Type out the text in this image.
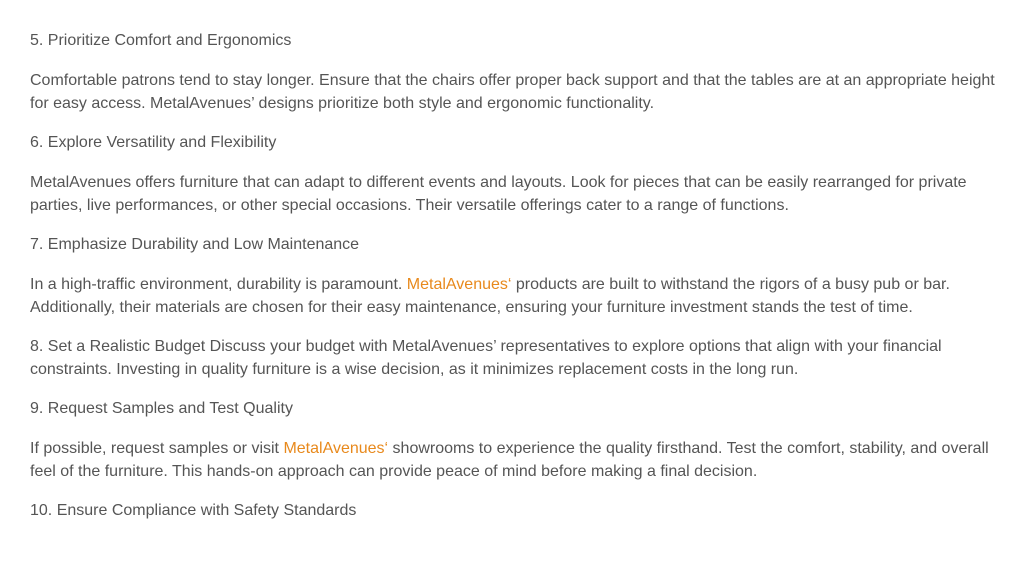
5. Prioritize Comfort and Ergonomics
Comfortable patrons tend to stay longer. Ensure that the chairs offer proper back support and that the tables are at an appropriate height for easy access. MetalAvenues’ designs prioritize both style and ergonomic functionality.
6. Explore Versatility and Flexibility
MetalAvenues offers furniture that can adapt to different events and layouts. Look for pieces that can be easily rearranged for private parties, live performances, or other special occasions. Their versatile offerings cater to a range of functions.
7. Emphasize Durability and Low Maintenance
In a high-traffic environment, durability is paramount. MetalAvenues‘ products are built to withstand the rigors of a busy pub or bar. Additionally, their materials are chosen for their easy maintenance, ensuring your furniture investment stands the test of time.
8. Set a Realistic Budget Discuss your budget with MetalAvenues’ representatives to explore options that align with your financial constraints. Investing in quality furniture is a wise decision, as it minimizes replacement costs in the long run.
9. Request Samples and Test Quality
If possible, request samples or visit MetalAvenues‘ showrooms to experience the quality firsthand. Test the comfort, stability, and overall feel of the furniture. This hands-on approach can provide peace of mind before making a final decision.
10. Ensure Compliance with Safety Standards
